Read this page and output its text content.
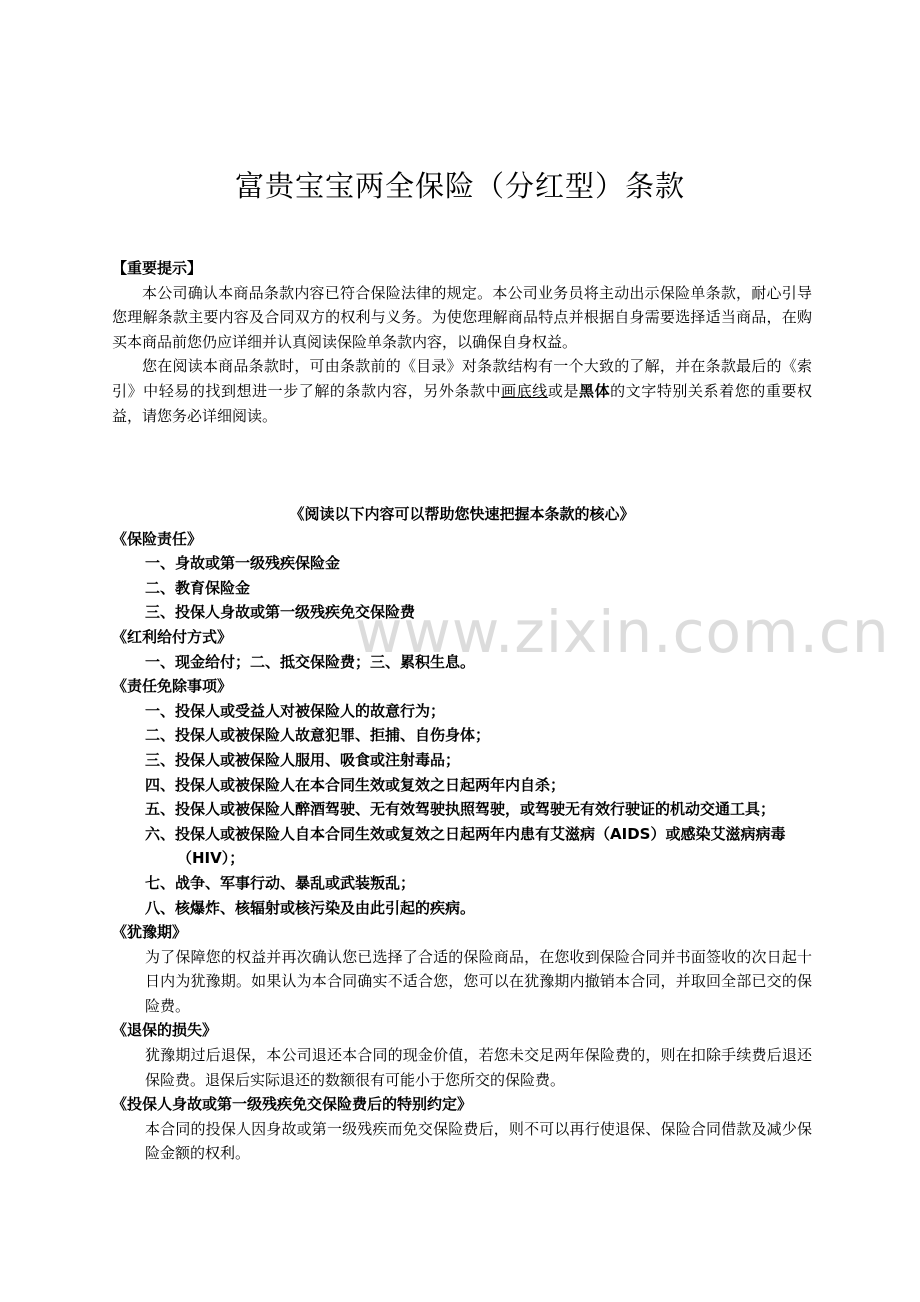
www.zixin.com.cn
富贵宝宝两全保险（分红型）条款

【重要提示】

本公司确认本商品条款内容已符合保险法律的规定。本公司业务员将主动出示保险单条款，耐心引导您理解条款主要内容及合同双方的权利与义务。为使您理解商品特点并根据自身需要选择适当商品，在购买本商品前您仍应详细并认真阅读保险单条款内容，以确保自身权益。

您在阅读本商品条款时，可由条款前的《目录》对条款结构有一个大致的了解，并在条款最后的《索引》中轻易的找到想进一步了解的条款内容，另外条款中画底线或是黑体的文字特别关系着您的重要权益，请您务必详细阅读。

《阅读以下内容可以帮助您快速把握本条款的核心》

《保险责任》

一、身故或第一级残疾保险金

二、教育保险金

三、投保人身故或第一级残疾免交保险费

《红利给付方式》

一、现金给付；二、抵交保险费；三、累积生息。

《责任免除事项》

一、投保人或受益人对被保险人的故意行为；

二、投保人或被保险人故意犯罪、拒捕、自伤身体；

三、投保人或被保险人服用、吸食或注射毒品；

四、投保人或被保险人在本合同生效或复效之日起两年内自杀；

五、投保人或被保险人醉酒驾驶、无有效驾驶执照驾驶，或驾驶无有效行驶证的机动交通工具；

六、投保人或被保险人自本合同生效或复效之日起两年内患有艾滋病（AIDS）或感染艾滋病病毒（HIV）；

七、战争、军事行动、暴乱或武装叛乱；

八、核爆炸、核辐射或核污染及由此引起的疾病。

《犹豫期》

为了保障您的权益并再次确认您已选择了合适的保险商品，在您收到保险合同并书面签收的次日起十日内为犹豫期。如果认为本合同确实不适合您，您可以在犹豫期内撤销本合同，并取回全部已交的保险费。

《退保的损失》

犹豫期过后退保，本公司退还本合同的现金价值，若您未交足两年保险费的，则在扣除手续费后退还保险费。退保后实际退还的数额很有可能小于您所交的保险费。

《投保人身故或第一级残疾免交保险费后的特别约定》

本合同的投保人因身故或第一级残疾而免交保险费后，则不可以再行使退保、保险合同借款及减少保险金额的权利。
